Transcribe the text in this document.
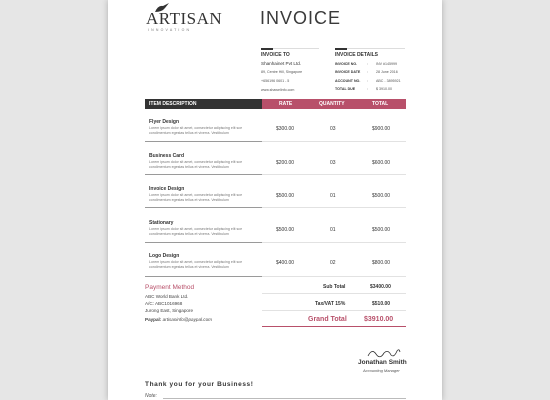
ARTISAN
INNOVATION
INVOICE
INVOICE TO
Shanhainet Pvt Ltd.
89, Centre Hill, Singapore
+656196 0601 - 5
www.shawelinfo.com
INVOICE DETAILS
INVOICE NO.	: INV #145999
INVOICE DATE : 28 June 2016
ACCOUNT NO. : ABC - 3895921
TOTAL DUE	: $ 3910.00
ITEM DESCRIPTION	RATE	QUANTITY	TOTAL
Flyer Design
Lorem ipsum dolor sit amet, consectetur adipiscing elit sce condimentum egestas tellus et viverra. Vestibulum
$300.00	03	$900.00
Business Card
Lorem ipsum dolor sit amet, consectetur adipiscing elit sce condimentum egestas tellus et viverra. Vestibulum
$200.00	03	$600.00
Invoice Design
Lorem ipsum dolor sit amet, consectetur adipiscing elit sce condimentum egestas tellus et viverra. Vestibulum
$500.00	01	$500.00
Stationary
Lorem ipsum dolor sit amet, consectetur adipiscing elit sce condimentum egestas tellus et viverra. Vestibulum
$500.00	01	$500.00
Logo Design
Lorem ipsum dolor sit amet, consectetur adipiscing elit sce condimentum egestas tellus et viverra. Vestibulum
$400.00	02	$800.00
Payment Method
ABC World Bank Ltd.
A/C: ABC1016968
Jurong East, Singapore
Paypal: artisaninfo@paypal.com
Sub Total	$3400.00
Tax/VAT 15%	$510.00
Grand Total $3910.00
Jonathan Smith
Accounting Manager
Thank you for your Business!
Note:
